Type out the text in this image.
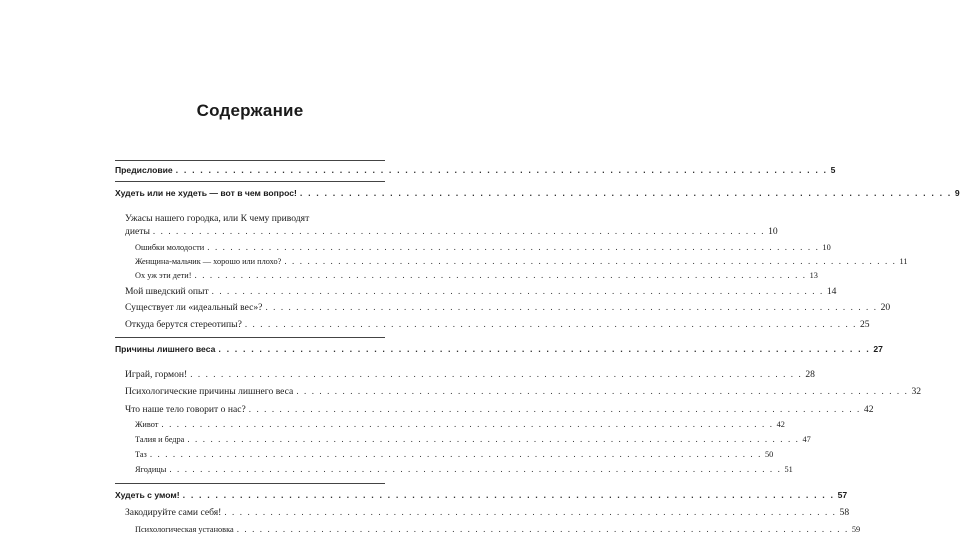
Содержание
Предисловие . . . . . . . . . . . . . . . . . . . . . . . . . . . . . . . . . . . . . . . . . . . . . . . . . . . . . . . . . . . . . . . . . . . . . . . . . . . . . . . . 5
Худеть или не худеть — вот в чем вопрос! . . . . . . . . . . . . . . . . . . . . . . . . . . . . . . . . . . . . . . . . . . . . . . . . . . . . . . . . . . . . . . . . . . . . . . . . . . . . . . . . 9
Ужасы нашего городка, или К чему приводят
диеты . . . . . . . . . . . . . . . . . . . . . . . . . . . . . . . . . . . . . . . . . . . . . . . . . . . . . . . . . . . . . . . . . . . . . . . . . . . . . . . . 10
Ошибки молодости . . . . . . . . . . . . . . . . . . . . . . . . . . . . . . . . . . . . . . . . . . . . . . . . . . . . . . . . . . . . . . . . . . . . . . . . . . . . . . . . 10
Женщина-мальчик — хорошо или плохо? . . . . . . . . . . . . . . . . . . . . . . . . . . . . . . . . . . . . . . . . . . . . . . . . . . . . . . . . . . . . . . . . . . . . . . . . . . . . . . . . 11
Ох уж эти дети! . . . . . . . . . . . . . . . . . . . . . . . . . . . . . . . . . . . . . . . . . . . . . . . . . . . . . . . . . . . . . . . . . . . . . . . . . . . . . . . . 13
Мой шведский опыт . . . . . . . . . . . . . . . . . . . . . . . . . . . . . . . . . . . . . . . . . . . . . . . . . . . . . . . . . . . . . . . . . . . . . . . . . . . . . . . . 14
Существует ли «идеальный вес»? . . . . . . . . . . . . . . . . . . . . . . . . . . . . . . . . . . . . . . . . . . . . . . . . . . . . . . . . . . . . . . . . . . . . . . . . . . . . . . . . 20
Откуда берутся стереотипы? . . . . . . . . . . . . . . . . . . . . . . . . . . . . . . . . . . . . . . . . . . . . . . . . . . . . . . . . . . . . . . . . . . . . . . . . . . . . . . . . 25
Причины лишнего веса . . . . . . . . . . . . . . . . . . . . . . . . . . . . . . . . . . . . . . . . . . . . . . . . . . . . . . . . . . . . . . . . . . . . . . . . . . . . . . . . 27
Играй, гормон! . . . . . . . . . . . . . . . . . . . . . . . . . . . . . . . . . . . . . . . . . . . . . . . . . . . . . . . . . . . . . . . . . . . . . . . . . . . . . . . . 28
Психологические причины лишнего веса . . . . . . . . . . . . . . . . . . . . . . . . . . . . . . . . . . . . . . . . . . . . . . . . . . . . . . . . . . . . . . . . . . . . . . . . . . . . . . . . 32
Что наше тело говорит о нас? . . . . . . . . . . . . . . . . . . . . . . . . . . . . . . . . . . . . . . . . . . . . . . . . . . . . . . . . . . . . . . . . . . . . . . . . . . . . . . . . 42
Живот . . . . . . . . . . . . . . . . . . . . . . . . . . . . . . . . . . . . . . . . . . . . . . . . . . . . . . . . . . . . . . . . . . . . . . . . . . . . . . . . 42
Талия и бедра . . . . . . . . . . . . . . . . . . . . . . . . . . . . . . . . . . . . . . . . . . . . . . . . . . . . . . . . . . . . . . . . . . . . . . . . . . . . . . . . 47
Таз . . . . . . . . . . . . . . . . . . . . . . . . . . . . . . . . . . . . . . . . . . . . . . . . . . . . . . . . . . . . . . . . . . . . . . . . . . . . . . . . 50
Ягодицы . . . . . . . . . . . . . . . . . . . . . . . . . . . . . . . . . . . . . . . . . . . . . . . . . . . . . . . . . . . . . . . . . . . . . . . . . . . . . . . . 51
Худеть с умом! . . . . . . . . . . . . . . . . . . . . . . . . . . . . . . . . . . . . . . . . . . . . . . . . . . . . . . . . . . . . . . . . . . . . . . . . . . . . . . . . 57
Закодируйте сами себя! . . . . . . . . . . . . . . . . . . . . . . . . . . . . . . . . . . . . . . . . . . . . . . . . . . . . . . . . . . . . . . . . . . . . . . . . . . . . . . . . 58
Психологическая установка . . . . . . . . . . . . . . . . . . . . . . . . . . . . . . . . . . . . . . . . . . . . . . . . . . . . . . . . . . . . . . . . . . . . . . . . . . . . . . . . 59
